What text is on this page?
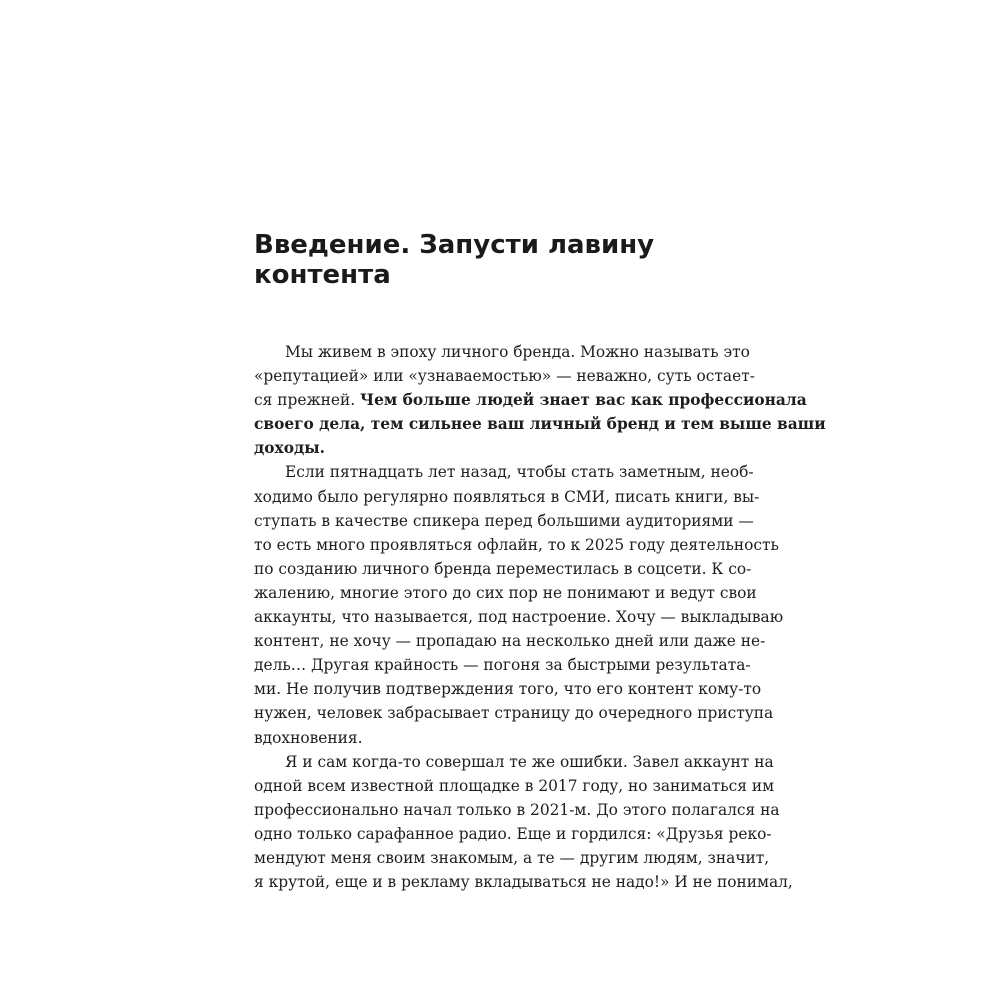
Введение. Запусти лавину
контента
Мы живем в эпоху личного бренда. Можно называть это
«репутацией» или «узнаваемостью» — неважно, суть остает-
ся прежней. Чем больше людей знает вас как профессионала
своего дела, тем сильнее ваш личный бренд и тем выше ваши
доходы.
Если пятнадцать лет назад, чтобы стать заметным, необ-
ходимо было регулярно появляться в СМИ, писать книги, вы-
ступать в качестве спикера перед большими аудиториями —
то есть много проявляться офлайн, то к 2025 году деятельность
по созданию личного бренда переместилась в соцсети. К со-
жалению, многие этого до сих пор не понимают и ведут свои
аккаунты, что называется, под настроение. Хочу — выкладываю
контент, не хочу — пропадаю на несколько дней или даже не-
дель… Другая крайность — погоня за быстрыми результата-
ми. Не получив подтверждения того, что его контент кому-то
нужен, человек забрасывает страницу до очередного приступа
вдохновения.
Я и сам когда-то совершал те же ошибки. Завел аккаунт на
одной всем известной площадке в 2017 году, но заниматься им
профессионально начал только в 2021-м. До этого полагался на
одно только сарафанное радио. Еще и гордился: «Друзья реко-
мендуют меня своим знакомым, а те — другим людям, значит,
я крутой, еще и в рекламу вкладываться не надо!» И не понимал,
